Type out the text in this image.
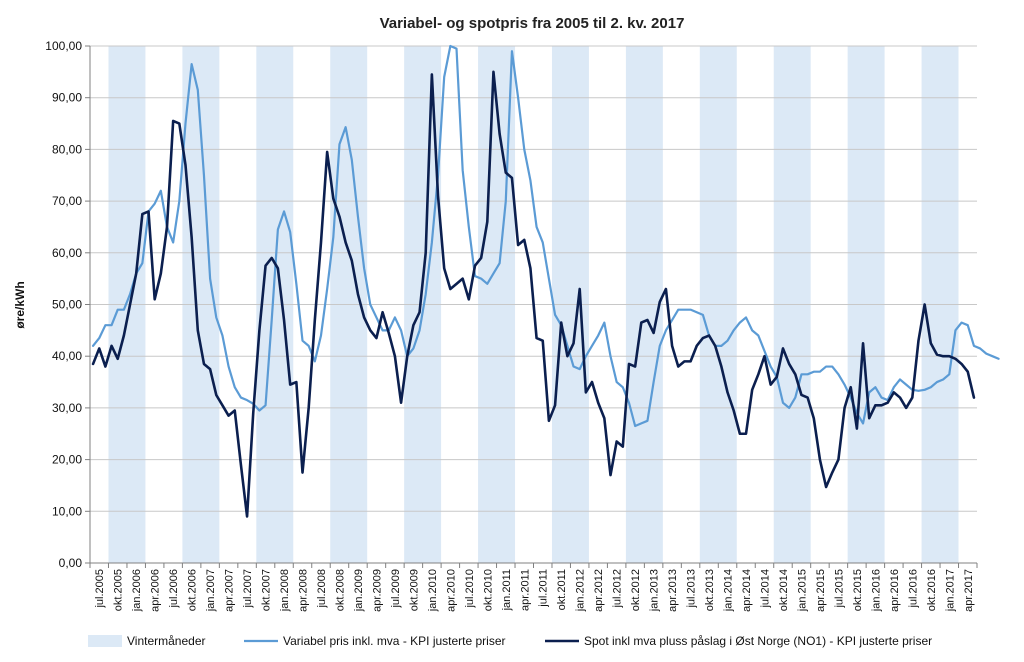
0,00
10,00
20,00
30,00
40,00
50,00
60,00
70,00
80,00
90,00
100,00
jul.2005 okt.2005 jan.2006 apr.2006 jul.2006 okt.2006 jan.2007 apr.2007 jul.2007 okt.2007 jan.2008 apr.2008 jul.2008 okt.2008 jan.2009 apr.2009 jul.2009 okt.2009 jan.2010 apr.2010 jul.2010 okt.2010 jan.2011 apr.2011 jul.2011 okt.2011 jan.2012 apr.2012 jul.2012 okt.2012 jan.2013 apr.2013 jul.2013 okt.2013 jan.2014 apr.2014 jul.2014 okt.2014 jan.2015 apr.2015 jul.2015 okt.2015 jan.2016 apr.2016 jul.2016 okt.2016 jan.2017 apr.2017
Variabel- og spotpris fra 2005 til 2. kv. 2017
øre/kWh
Vintermåneder	Variabel pris inkl. mva - KPI justerte priser	Spot inkl mva pluss påslag i Øst Norge (NO1) - KPI justerte priser
